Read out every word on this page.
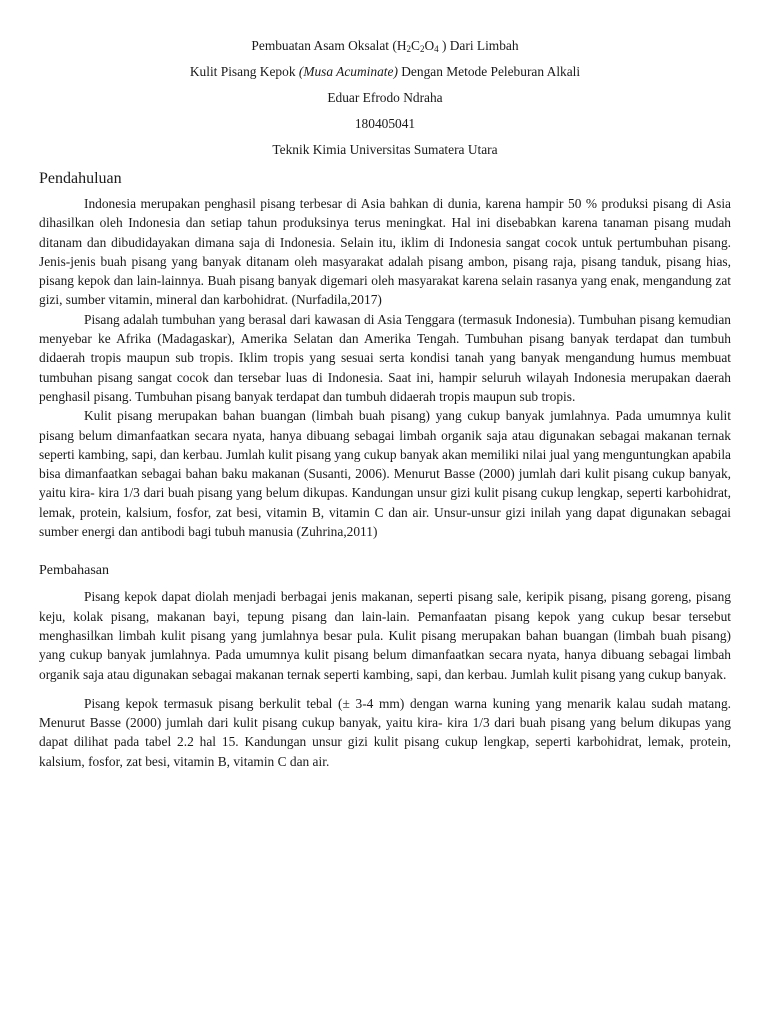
Pembuatan Asam Oksalat ($H_2C_2O_4$ ) Dari Limbah
Kulit Pisang Kepok (Musa Acuminate) Dengan Metode Peleburan Alkali
Eduar Efrodo Ndraha
180405041
Teknik Kimia Universitas Sumatera Utara
Pendahuluan

Indonesia merupakan penghasil pisang terbesar di Asia bahkan di dunia, karena hampir 50 % produksi pisang di Asia dihasilkan oleh Indonesia dan setiap tahun produksinya terus meningkat. Hal ini disebabkan karena tanaman pisang mudah ditanam dan dibudidayakan dimana saja di Indonesia. Selain itu, iklim di Indonesia sangat cocok untuk pertumbuhan pisang. Jenis-jenis buah pisang yang banyak ditanam oleh masyarakat adalah pisang ambon, pisang raja, pisang tanduk, pisang hias, pisang kepok dan lain-lainnya. Buah pisang banyak digemari oleh masyarakat karena selain rasanya yang enak, mengandung zat gizi, sumber vitamin, mineral dan karbohidrat. (Nurfadila,2017)

Pisang adalah tumbuhan yang berasal dari kawasan di Asia Tenggara (termasuk Indonesia). Tumbuhan pisang kemudian menyebar ke Afrika (Madagaskar), Amerika Selatan dan Amerika Tengah. Tumbuhan pisang banyak terdapat dan tumbuh didaerah tropis maupun sub tropis. Iklim tropis yang sesuai serta kondisi tanah yang banyak mengandung humus membuat tumbuhan pisang sangat cocok dan tersebar luas di Indonesia. Saat ini, hampir seluruh wilayah Indonesia merupakan daerah penghasil pisang. Tumbuhan pisang banyak terdapat dan tumbuh didaerah tropis maupun sub tropis.

Kulit pisang merupakan bahan buangan (limbah buah pisang) yang cukup banyak jumlahnya. Pada umumnya kulit pisang belum dimanfaatkan secara nyata, hanya dibuang sebagai limbah organik saja atau digunakan sebagai makanan ternak seperti kambing, sapi, dan kerbau. Jumlah kulit pisang yang cukup banyak akan memiliki nilai jual yang menguntungkan apabila bisa dimanfaatkan sebagai bahan baku makanan (Susanti, 2006). Menurut Basse (2000) jumlah dari kulit pisang cukup banyak, yaitu kira- kira 1/3 dari buah pisang yang belum dikupas. Kandungan unsur gizi kulit pisang cukup lengkap, seperti karbohidrat, lemak, protein, kalsium, fosfor, zat besi, vitamin B, vitamin C dan air. Unsur-unsur gizi inilah yang dapat digunakan sebagai sumber energi dan antibodi bagi tubuh manusia (Zuhrina,2011)

Pembahasan

Pisang kepok dapat diolah menjadi berbagai jenis makanan, seperti pisang sale, keripik pisang, pisang goreng, pisang keju, kolak pisang, makanan bayi, tepung pisang dan lain-lain. Pemanfaatan pisang kepok yang cukup besar tersebut menghasilkan limbah kulit pisang yang jumlahnya besar pula. Kulit pisang merupakan bahan buangan (limbah buah pisang) yang cukup banyak jumlahnya. Pada umumnya kulit pisang belum dimanfaatkan secara nyata, hanya dibuang sebagai limbah organik saja atau digunakan sebagai makanan ternak seperti kambing, sapi, dan kerbau. Jumlah kulit pisang yang cukup banyak.

Pisang kepok termasuk pisang berkulit tebal (± 3-4 mm) dengan warna kuning yang menarik kalau sudah matang. Menurut Basse (2000) jumlah dari kulit pisang cukup banyak, yaitu kira- kira 1/3 dari buah pisang yang belum dikupas yang dapat dilihat pada tabel 2.2 hal 15. Kandungan unsur gizi kulit pisang cukup lengkap, seperti karbohidrat, lemak, protein, kalsium, fosfor, zat besi, vitamin B, vitamin C dan air.
